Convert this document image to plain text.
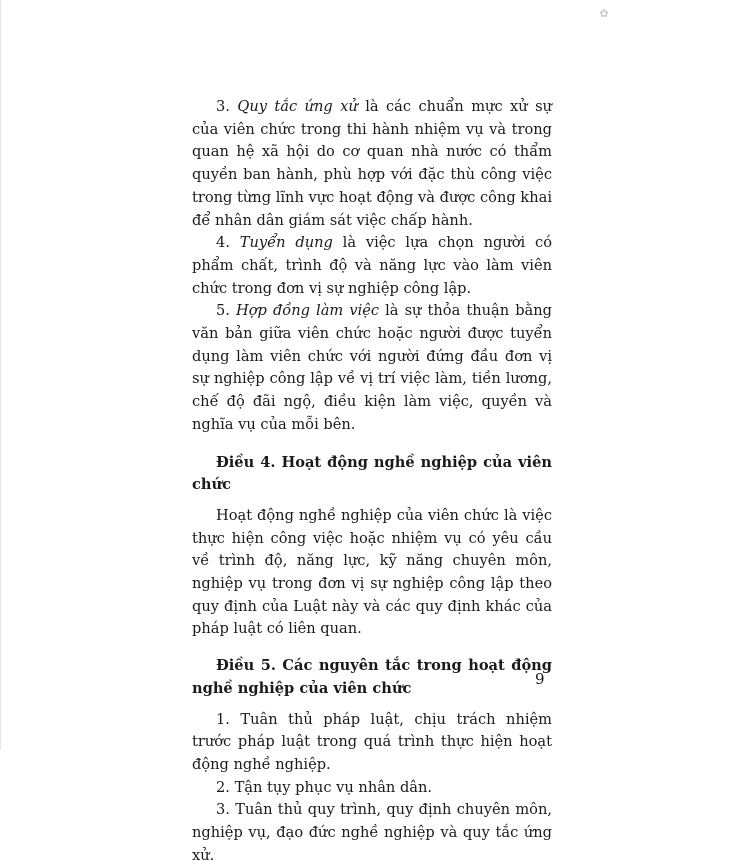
✿

3. Quy tắc ứng xử là các chuẩn mực xử sự của viên chức trong thi hành nhiệm vụ và trong quan hệ xã hội do cơ quan nhà nước có thẩm quyền ban hành, phù hợp với đặc thù công việc trong từng lĩnh vực hoạt động và được công khai để nhân dân giám sát việc chấp hành.

4. Tuyển dụng là việc lựa chọn người có phẩm chất, trình độ và năng lực vào làm viên chức trong đơn vị sự nghiệp công lập.

5. Hợp đồng làm việc là sự thỏa thuận bằng văn bản giữa viên chức hoặc người được tuyển dụng làm viên chức với người đứng đầu đơn vị sự nghiệp công lập về vị trí việc làm, tiền lương, chế độ đãi ngộ, điều kiện làm việc, quyền và nghĩa vụ của mỗi bên.

Điều 4. Hoạt động nghề nghiệp của viên chức

Hoạt động nghề nghiệp của viên chức là việc thực hiện công việc hoặc nhiệm vụ có yêu cầu về trình độ, năng lực, kỹ năng chuyên môn, nghiệp vụ trong đơn vị sự nghiệp công lập theo quy định của Luật này và các quy định khác của pháp luật có liên quan.

Điều 5. Các nguyên tắc trong hoạt động nghề nghiệp của viên chức

1. Tuân thủ pháp luật, chịu trách nhiệm trước pháp luật trong quá trình thực hiện hoạt động nghề nghiệp.

2. Tận tụy phục vụ nhân dân.

3. Tuân thủ quy trình, quy định chuyên môn, nghiệp vụ, đạo đức nghề nghiệp và quy tắc ứng xử.

9
